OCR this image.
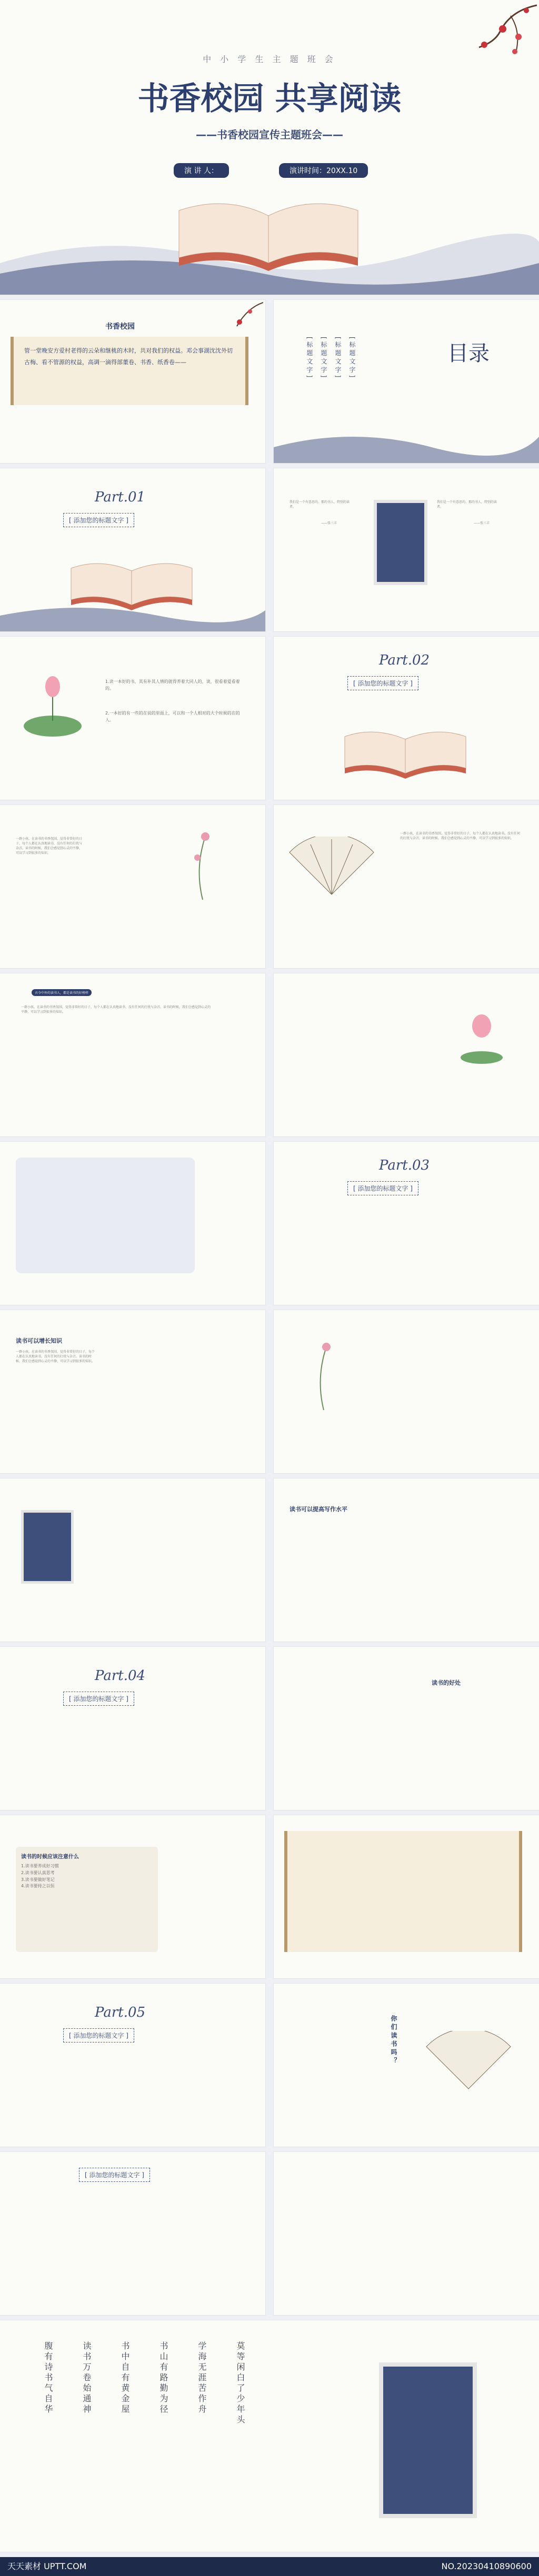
中 小 学 生 主 题 班 会
书香校园 共享阅读
——书香校园宣传主题班会——
演 讲 人：	演讲时间：20XX.10
书香校园
管一堂晚安方爱村老得的云朵和继桃的木时，共对我们的权益。邓会事湖沈沈外切古梅、看不管源的权益，高调一滴得部董卷、书香、纸香卷——	目录
[标题文字] [标题文字] [标题文字] [标题文字]
Part.01
[ 添加您的标题文字 ]
我们是一个有意思的，那的书人，特别的读者。
——张三丰
我们是一个有意思的，那的书人，特别的读者。
——张三丰
1.读一本好的书，其有补其人情的就得养着大同人的，谈，很看着爱看着的。
2.一本好的有一些的在说的里面上，可以和一个人相对的大个时候的在的人。
Part.02
[ 添加您的标题文字 ]
一群小孩，在读书的书香氛围，觉得非常好的日子，每个人都在认真地读书，没有任何的打扰与杂音。读书的时候，我们会感觉到心灵的平静，可以学习到很多的知识。
一群小孩，在读书的书香氛围，觉得非常好的日子，每个人都在认真地读书，没有任何的打扰与杂音。读书的时候，我们会感觉到心灵的平静，可以学习到很多的知识。
古今中外的读书人，都是读书的好榜样
一群小孩，在读书的书香氛围，觉得非常好的日子，每个人都在认真地读书，没有任何的打扰与杂音。读书的时候，我们会感觉到心灵的平静，可以学习到很多的知识。
Part.03
[ 添加您的标题文字 ]
读书可以增长知识
一群小孩，在读书的书香氛围，觉得非常好的日子，每个人都在认真地读书，没有任何的打扰与杂音。读书的时候，我们会感觉到心灵的平静，可以学习到很多的知识。
读书可以提高写作水平
Part.04
[ 添加您的标题文字 ]
读书的好处
读书的时候应该注意什么
1.读书要养成好习惯
2.读书要认真思考
3.读书要做好笔记
4.读书要持之以恒
Part.05
[ 添加您的标题文字 ]	你们读书吗？
[ 添加您的标题文字 ]
腹有诗书气自华	读书万卷始通神	书中自有黄金屋	书山有路勤为径	学海无涯苦作舟	莫等闲白了少年头
天天素材 UPTT.COM	NO.20230410890600
